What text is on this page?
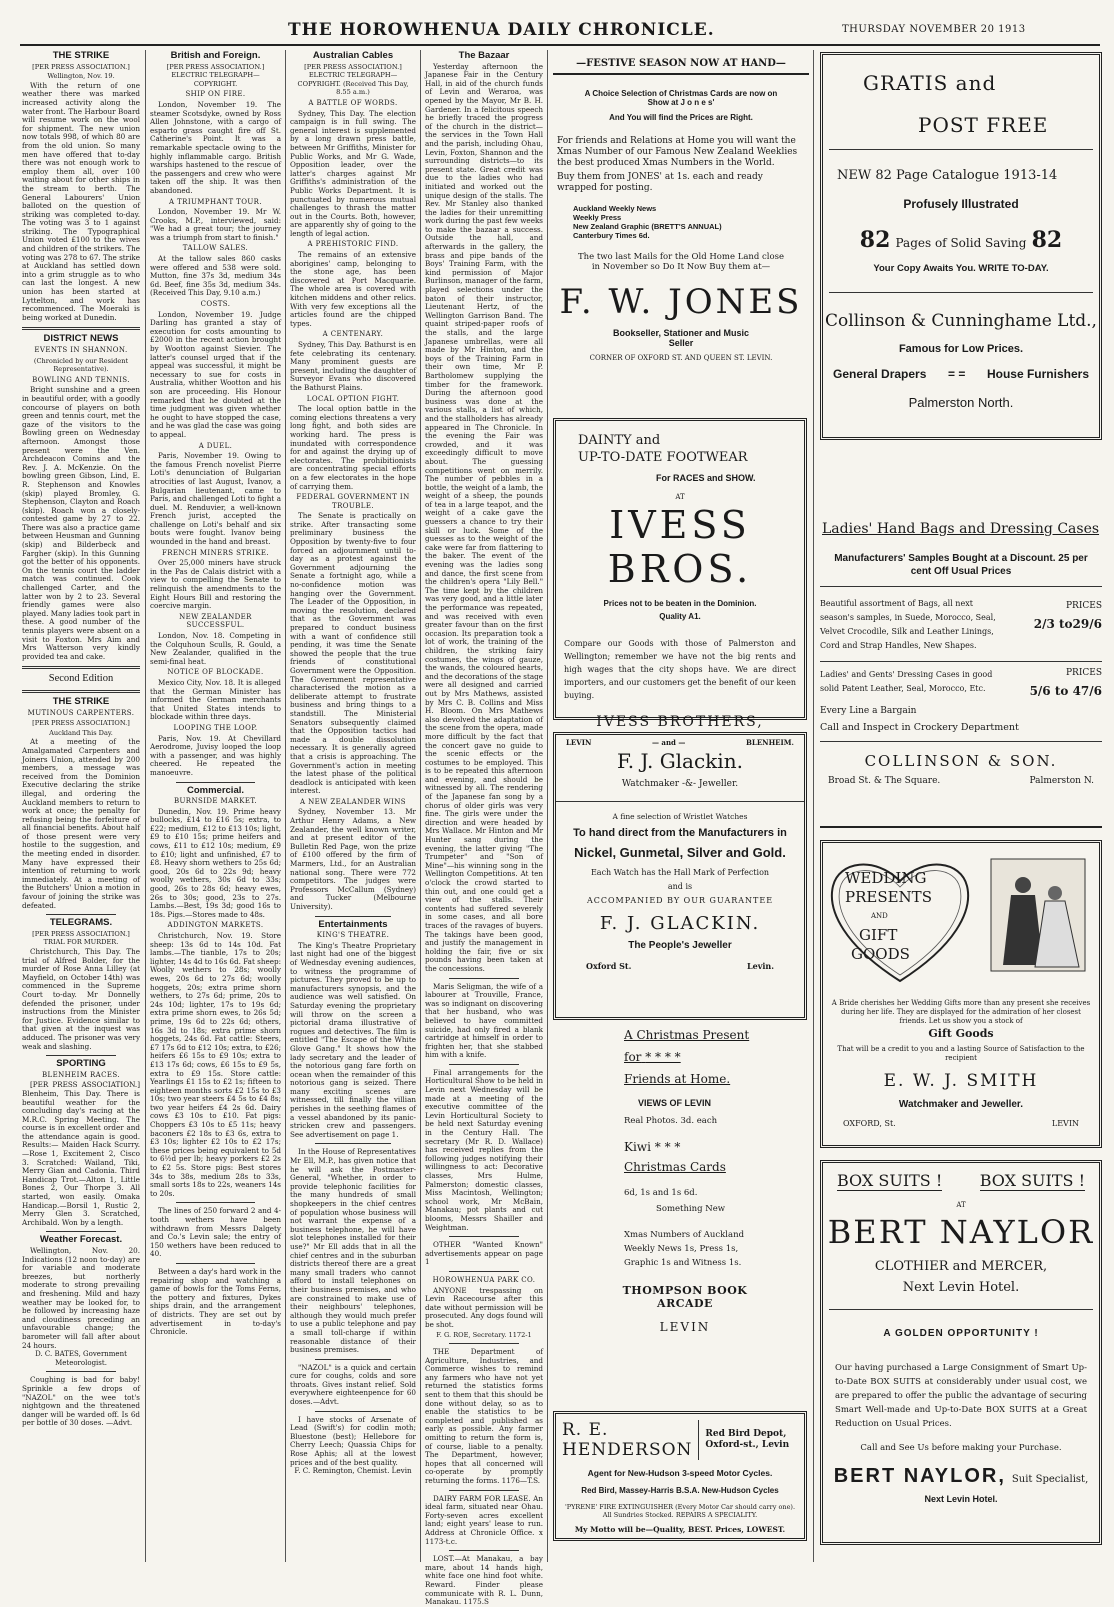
THE HOROWHENUA DAILY CHRONICLE.	THURSDAY NOVEMBER 20 1913
THE STRIKE
[PER PRESS ASSOCIATION.]
Wellington, Nov. 19.

With the return of one weather there was marked increased activity along the water front. The Harbour Board will resume work on the wool for shipment. The new union now totals 998, of which 80 are from the old union. So many men have offered that to-day there was not enough work to employ them all, over 100 waiting about for other ships in the stream to berth. The General Labourers' Union balloted on the question of striking was completed to-day. The voting was 3 to 1 against striking. The Typographical Union voted £100 to the wives and children of the strikers. The voting was 278 to 67. The strike at Auckland has settled down into a grim struggle as to who can last the longest. A new union has been started at Lyttelton, and work has recommenced. The Moeraki is being worked at Dunedin.

DISTRICT NEWS
EVENTS IN SHANNON.
(Chronicled by our Resident Representative).
BOWLING AND TENNIS.

Bright sunshine and a green in beautiful order, with a goodly concourse of players on both green and tennis court, met the gaze of the visitors to the Bowling green on Wednesday afternoon. Amongst those present were the Ven. Archdeacon Comins and the Rev. J. A. McKenzie. On the bowling green Gibson, Lind, E. R. Stephenson and Knowles (skip) played Bromley, G. Stephenson, Clayton and Roach (skip). Roach won a closely-contested game by 27 to 22. There was also a practice game between Heusman and Gunning (skip) and Bilderbeck and Fargher (skip). In this Gunning got the better of his opponents. On the tennis court the ladder match was continued. Cook challenged Carter, and the latter won by 2 to 23. Several friendly games were also played. Many ladies took part in these. A good number of the tennis players were absent on a visit to Foxton. Mrs Aim and Mrs Watterson very kindly provided tea and cake.

Second Edition
THE STRIKE
MUTINOUS CARPENTERS.
[PER PRESS ASSOCIATION.]
Auckland This Day.

At a meeting of the Amalgamated Carpenters and Joiners Union, attended by 200 members, a message was received from the Dominion Executive declaring the strike illegal, and ordering the Auckland members to return to work at once; the penalty for refusing being the forfeiture of all financial benefits. About half of those present were very hostile to the suggestion, and the meeting ended in disorder. Many have expressed their intention of returning to work immediately. At a meeting of the Butchers' Union a motion in favour of joining the strike was defeated.

TELEGRAMS.
[PER PRESS ASSOCIATION.] TRIAL FOR MURDER.

Christchurch, This Day. The trial of Alfred Bolder, for the murder of Rose Anna Lilley (at Mayfield, on October 14th) was commenced in the Supreme Court to-day. Mr Donnelly defended the prisoner, under instructions from the Minister for Justice. Evidence similar to that given at the inquest was adduced. The prisoner was very weak and slashing.

SPORTING
BLENHEIM RACES.

[PER PRESS ASSOCIATION.] Blenheim, This Day. There is beautiful weather for the concluding day's racing at the M.R.C. Spring Meeting. The course is in excellent order and the attendance again is good. Results:— Maiden Hack Scurry.—Rose 1, Excitement 2, Cisco 3. Scratched: Wailand, Tiki, Merry Gian and Cadonia. Third Handicap Trot.—Alton 1, Little Bones 2, Our Thorpe 3. All started, won easily. Omaka Handicap.—Borsil 1, Rustic 2, Merry Glen 3. Scratched, Archibald. Won by a length.

Weather Forecast.

Wellington, Nov. 20. Indications (12 noon to-day) are for variable and moderate breezes, but northerly moderate to strong prevailing and freshening. Mild and hazy weather may be looked for, to be followed by increasing haze and cloudiness preceding an unfavourable change; the barometer will fall after about 24 hours.

D. C. BATES, Government Meteorologist.

Coughing is bad for baby! Sprinkle a few drops of "NAZOL" on the wee tot's nightgown and the threatened danger will be warded off. Is 6d per bottle of 30 doses. —Advt.

British and Foreign.
[PER PRESS ASSOCIATION.] ELECTRIC TELEGRAPH—COPYRIGHT.
SHIP ON FIRE.

London, November 19. The steamer Scotsdyke, owned by Ross Allen Johnstone, with a cargo of esparto grass caught fire off St. Catherine's Point. It was a remarkable spectacle owing to the highly inflammable cargo. British warships hastened to the rescue of the passengers and crew who were taken off the ship. It was then abandoned.

A TRIUMPHANT TOUR.

London, November 19. Mr W. Crooks, M.P., interviewed, said: "We had a great tour; the journey was a triumph from start to finish."

TALLOW SALES.

At the tallow sales 860 casks were offered and 538 were sold. Mutton, fine 37s 3d, medium 34s 6d. Beef, fine 35s 3d, medium 34s. (Received This Day, 9.10 a.m.)

COSTS.

London, November 19. Judge Darling has granted a stay of execution for costs amounting to £2000 in the recent action brought by Wootton against Sievier. The latter's counsel urged that if the appeal was successful, it might be necessary to sue for costs in Australia, whither Wootton and his son are proceeding. His Honour remarked that he doubted at the time judgment was given whether he ought to have stopped the case, and he was glad the case was going to appeal.

A DUEL.

Paris, November 19. Owing to the famous French novelist Pierre Loti's denunciation of Bulgarian atrocities of last August, Ivanov, a Bulgarian lieutenant, came to Paris, and challenged Loti to fight a duel. M. Renduvier, a well-known French jurist, accepted the challenge on Loti's behalf and six bouts were fought. Ivanov being wounded in the hand and breast.

FRENCH MINERS STRIKE.

Over 25,000 miners have struck in the Pas de Calais district with a view to compelling the Senate to relinquish the amendments to the Eight Hours Bill and restoring the coercive margin.

NEW ZEALANDER SUCCESSFUL.

London, Nov. 18. Competing in the Colquhoun Sculls, R. Gould, a New Zealander, qualified in the semi-final heat.

NOTICE OF BLOCKADE.

Mexico City, Nov. 18. It is alleged that the German Minister has informed the German merchants that United States intends to blockade within three days.

LOOPING THE LOOP.

Paris, Nov. 19. At Chevillard Aerodrome, Juvisy looped the loop with a passenger, and was highly cheered. He repeated the manoeuvre.

Commercial.
BURNSIDE MARKET.

Dunedin, Nov. 19. Prime heavy bullocks, £14 to £16 5s; extra, to £22; medium, £12 to £13 10s; light, £9 to £10 15s; prime heifers and cows, £11 to £12 10s; medium, £9 to £10; light and unfinished, £7 to £8. Heavy shorn wethers to 25s 6d; good, 20s 6d to 22s 9d; heavy woolly wethers, 30s 6d to 33s; good, 26s to 28s 6d; heavy ewes, 26s to 30s; good, 23s to 27s. Lambs.—Best, 19s 3d; good 16s to 18s. Pigs.—Stores made to 48s.

ADDINGTON MARKETS.

Christchurch, Nov. 19. Store sheep: 13s 6d to 14s 10d. Fat lambs.—The tianble, 17s to 20s; lighter, 14s 4d to 16s 6d. Fat sheep: Woolly wethers to 28s; woolly ewes, 20s 6d to 27s 6d; woolly hoggets, 20s; extra prime shorn wethers, to 27s 6d; prime, 20s to 24s 10d; lighter, 17s to 19s 6d; extra prime shorn ewes, to 26s 5d; prime, 19s 6d to 22s 6d; others, 16s 3d to 18s; extra prime shorn hoggets, 24s 6d. Fat cattle: Steers, £7 17s 6d to £12 10s; extra, to £26; heifers £6 15s to £9 10s; extra to £13 17s 6d; cows, £6 15s to £9 5s, extra to £9 15s. Store cattle: Yearlings £1 15s to £2 1s; fifteen to eighteen months sorts £2 15s to £3 10s; two year steers £4 5s to £4 8s; two year heifers £4 2s 6d. Dairy cows £3 10s to £10. Fat pigs: Choppers £3 10s to £5 11s; heavy baconers £2 18s to £3 6s, extra to £3 10s; lighter £2 10s to £2 17s; these prices being equivalent to 5d to 6½d per lb; heavy porkers £2 2s to £2 5s. Store pigs: Best stores 34s to 38s, medium 28s to 33s, small sorts 18s to 22s, weaners 14s to 20s.

The lines of 250 forward 2 and 4-tooth wethers have been withdrawn from Messrs Dalgety and Co.'s Levin sale; the entry of 150 wethers have been reduced to 40.

Between a day's hard work in the repairing shop and watching a game of bowls for the Toms Ferns, the pottery and fixtures, Dykes ships drain, and the arrangement of districts. They are set out by advertisement in to-day's Chronicle.

Australian Cables
[PER PRESS ASSOCIATION.] ELECTRIC TELEGRAPH—COPYRIGHT. (Received This Day, 8.55 a.m.)
A BATTLE OF WORDS.

Sydney, This Day. The election campaign is in full swing. The general interest is supplemented by a long drawn press battle, between Mr Griffiths, Minister for Public Works, and Mr G. Wade, Opposition leader, over the latter's charges against Mr Griffiths's administration of the Public Works Department. It is punctuated by numerous mutual challenges to thrash the matter out in the Courts. Both, however, are apparently shy of going to the length of legal action.

A PREHISTORIC FIND.

The remains of an extensive aborigines' camp, belonging to the stone age, has been discovered at Port Macquarie. The whole area is covered with kitchen middens and other relics. With very few exceptions all the articles found are the chipped types.

A CENTENARY.

Sydney, This Day. Bathurst is en fete celebrating its centenary. Many prominent guests are present, including the daughter of Surveyor Evans who discovered the Bathurst Plains.

LOCAL OPTION FIGHT.

The local option battle in the coming elections threatens a very long fight, and both sides are working hard. The press is inundated with correspondence for and against the drying up of electorates. The prohibitionists are concentrating special efforts on a few electorates in the hope of carrying them.

FEDERAL GOVERNMENT IN TROUBLE.

The Senate is practically on strike. After transacting some preliminary business the Opposition by twenty-five to four forced an adjournment until to-day as a protest against the Government adjourning the Senate a fortnight ago, while a no-confidence motion was hanging over the Government. The Leader of the Opposition, in moving the resolution, declared that as the Government was prepared to conduct business with a want of confidence still pending, it was time the Senate showed the people that the true friends of constitutional Government were the Opposition. The Government representative characterised the motion as a deliberate attempt to frustrate business and bring things to a standstill. The Ministerial Senators subsequently claimed that the Opposition tactics had made a double dissolution necessary. It is generally agreed that a crisis is approaching. The Government's action in meeting the latest phase of the political deadlock is anticipated with keen interest.

A NEW ZEALANDER WINS

Sydney, November 13. Mr Arthur Henry Adams, a New Zealander, the well known writer, and at present editor of the Bulletin Red Page, won the prize of £100 offered by the firm of Marmers, Ltd., for an Australian national song. There were 772 competitors. The judges were Professors McCallum (Sydney) and Tucker (Melbourne University).

Entertainments
KING'S THEATRE.

The King's Theatre Proprietary last night had one of the biggest of Wednesday evening audiences, to witness the programme of pictures. They proved to be up to manufacturers synopsis, and the audience was well satisfied. On Saturday evening the proprietary will throw on the screen a pictorial drama illustrative of rogues and detectives. The film is entitled "The Escape of the White Glove Gang." It shows how the lady secretary and the leader of the notorious gang fare forth on ocean when the remainder of this notorious gang is seized. There many exciting scenes are witnessed, till finally the villian perishes in the seething flames of a vessel abandoned by its panic-stricken crew and passengers. See advertisement on page 1.

In the House of Representatives Mr Ell, M.P., has given notice that he will ask the Postmaster-General, "Whether, in order to provide telephonic facilities for the many hundreds of small shopkeepers in the chief centres of population whose business will not warrant the expense of a business telephone, he will have slot telephones installed for their use?" Mr Ell adds that in all the chief centres and in the suburban districts thereof there are a great many small traders who cannot afford to install telephones on their business premises, and who are constrained to make use of their neighbours' telephones, although they would much prefer to use a public telephone and pay a small toll-charge if within reasonable distance of their business premises.

"NAZOL" is a quick and certain cure for coughs, colds and sore throats. Gives instant relief. Sold everywhere eighteenpence for 60 doses.—Advt.

I have stocks of Arsenate of Lead (Swift's) for codlin moth; Bluestone (best); Hellebore for Cherry Leech; Quassia Chips for Rose Aphis; all at the lowest prices and of the best quality.

F. C. Remington, Chemist. Levin
The Bazaar

Yesterday afternoon the Japanese Fair in the Century Hall, in aid of the church funds of Levin and Weraroa, was opened by the Mayor, Mr B. H. Gardener. In a felicitous speech he briefly traced the progress of the church in the district—the services in the Town Hall and the parish, including Ohau, Levin, Foxton, Shannon and the surrounding districts—to its present state. Great credit was due to the ladies who had initiated and worked out the unique design of the stalls. The Rev. Mr Stanley also thanked the ladies for their unremitting work during the past few weeks to make the bazaar a success. Outside the hall, and afterwards in the gallery, the brass and pipe bands of the Boys' Training Farm, with the kind permission of Major Burlinson, manager of the farm, played selections under the baton of their instructor, Lieutenant Hertz, of the Wellington Garrison Band. The quaint striped-paper roofs of the stalls, and the large Japanese umbrellas, were all made by Mr Hinton, and the boys of the Training Farm in their own time, Mr P. Bartholomew supplying the timber for the framework. During the afternoon good business was done at the various stalls, a list of which, and the stallholders has already appeared in The Chronicle. In the evening the Fair was crowded, and it was exceedingly difficult to move about. The guessing competitions went on merrily. The number of pebbles in a bottle, the weight of a lamb, the weight of a sheep, the pounds of tea in a large teapot, and the weight of a cake gave the guessers a chance to try their skill or luck. Some of the guesses as to the weight of the cake were far from flattering to the baker. The event of the evening was the ladies song and dance, the first scene from the children's opera "Lily Bell." The time kept by the children was very good, and a little later the performance was repeated, and was received with even greater favour than on the first occasion. Its preparation took a lot of work, the training of the children, the striking fairy costumes, the wings of gauze, the wands, the coloured hearts, and the decorations of the stage were all designed and carried out by Mrs Mathews, assisted by Mrs C. B. Collins and Miss H. Bloom. On Mrs Mathews also devolved the adaptation of the scene from the opera, made more difficult by the fact that the concert gave no guide to the scenic effects or the costumes to be employed. This is to be repeated this afternoon and evening, and should be witnessed by all. The rendering of the Japanese fan song by a chorus of older girls was very fine. The girls were under the direction and were headed by Mrs Wallace. Mr Hinton and Mr Hunter sang during the evening, the latter giving "The Trumpeter" and "Son of Mine"—his winning song in the Wellington Competitions. At ten o'clock the crowd started to thin out, and one could get a view of the stalls. Their contents had suffered severely in some cases, and all bore traces of the ravages of buyers. The takings have been good, and justify the management in holding the fair, five or six pounds having been taken at the concessions.

Maris Seligman, the wife of a labourer at Trouville, France, was so indignant on discovering that her husband, who was believed to have committed suicide, had only fired a blank cartridge at himself in order to frighten her, that she stabbed him with a knife.

Final arrangements for the Horticultural Show to be held in Levin next Wednesday will be made at a meeting of the executive committee of the Levin Horticultural Society to be held next Saturday evening in the Century Hall. The secretary (Mr R. D. Wallace) has received replies from the following judges notifying their willingness to act: Decorative classes, Mrs Hulme, Palmerston; domestic classes, Miss Macintosh, Wellington; school work, Mr McBain, Manakau; pot plants and cut blooms, Messrs Shailler and Weightman.

OTHER "Wanted Known" advertisements appear on page 1

HOROWHENUA PARK CO.

ANYONE trespassing on Levin Racecourse after this date without permission will be prosecuted. Any dogs found will be shot.

F. G. ROE, Secretary. 1172-1

THE Department of Agriculture, Industries, and Commerce wishes to remind any farmers who have not yet returned the statistics forms sent to them that this should be done without delay, so as to enable the statistics to be completed and published as early as possible. Any farmer omitting to return the form is, of course, liable to a penalty. The Department, however, hopes that all concerned will co-operate by promptly returning the forms. 1176—T.S.

DAIRY FARM FOR LEASE. An ideal farm, situated near Ohau. Forty-seven acres excellent land; eight years' lease to run. Address at Chronicle Office. x 1173-t.c.

LOST.—At Manakau, a bay mare, about 14 hands high, white face one hind foot white. Reward. Finder please communicate with R. L. Dunn, Manakau. 1175.S

—FESTIVE SEASON NOW AT HAND—
A Choice Selection of Christmas Cards are now on Show at J o n e s'
And You will find the Prices are Right.
For friends and Relations at Home you will want the Xmas Number of our Famous New Zealand Weeklies the best produced Xmas Numbers in the World.
Buy them from JONES' at 1s. each and ready wrapped for posting.
Auckland Weekly News
Weekly Press
New Zealand Graphic (BRETT'S ANNUAL)
Canterbury Times 6d.
The two last Mails for the Old Home Land close in November so Do It Now Buy them at—
F. W. JONES
Bookseller, Stationer and Music Seller
CORNER OF OXFORD ST. AND QUEEN ST. LEVIN.
DAINTY and
UP-TO-DATE FOOTWEAR
For RACES and SHOW.
AT
IVESS BROS.
Prices not to be beaten in the Dominion.
Quality A1.
Compare our Goods with those of Palmerston and Wellington; remember we have not the big rents and high wages that the city shops have. We are direct importers, and our customers get the benefit of our keen buying.
IVESS BROTHERS,
LEVIN	— and —	BLENHEIM.
F. J. Glackin.
Watchmaker -&- Jeweller.
A fine selection of Wristlet Watches
To hand direct from the Manufacturers in
Nickel, Gunmetal, Silver and Gold.
Each Watch has the Hall Mark of Perfection
and is
ACCOMPANIED BY OUR GUARANTEE
F. J. GLACKIN.
The People's Jeweller
Oxford St.	Levin.
A Christmas Present
for * * * *
Friends at Home.
VIEWS OF LEVIN
Real Photos. 3d. each
Kiwi * * *
Christmas Cards
6d, 1s and 1s 6d.
Something New
Xmas Numbers of Auckland Weekly News 1s, Press 1s, Graphic 1s and Witness 1s.
THOMPSON BOOK ARCADE
LEVIN
R. E. HENDERSON
Red Bird Depot, Oxford-st., Levin
Agent for New-Hudson 3-speed Motor Cycles.
Red Bird, Massey-Harris B.S.A. New-Hudson Cycles
'PYRENE' FIRE EXTINGUISHER (Every Motor Car should carry one). All Sundries Stocked. REPAIRS A SPECIALITY.
My Motto will be—Quality, BEST. Prices, LOWEST.
GRATIS and
POST FREE
NEW 82 Page Catalogue 1913-14
Profusely Illustrated
82 Pages of Solid Saving 82
Your Copy Awaits You. WRITE TO-DAY.
Collinson & Cunninghame Ltd.,
Famous for Low Prices.
General Drapers = = House Furnishers
Palmerston North.
Ladies' Hand Bags and Dressing Cases
Manufacturers' Samples Bought at a Discount. 25 per cent Off Usual Prices
Beautiful assortment of Bags, all next season's samples, in Suede, Morocco, Seal, Velvet Crocodile, Silk and Leather Linings, Cord and Strap Handles, New Shapes.
PRICES
2/3 to29/6
Ladies' and Gents' Dressing Cases in good solid Patent Leather, Seal, Morocco, Etc.
PRICES
5/6 to 47/6
Every Line a Bargain
Call and Inspect in Crockery Department
COLLINSON & SON.
Broad St. & The Square.	Palmerston N.
WEDDING
PRESENTS
AND
GIFT
GOODS
A Bride cherishes her Wedding Gifts more than any present she receives during her life. They are displayed for the admiration of her closest friends. Let us show you a stock of
Gift Goods
That will be a credit to you and a lasting Source of Satisfaction to the recipient
E. W. J. SMITH
Watchmaker and Jeweller.
OXFORD, St.	LEVIN
BOX SUITS ! BOX SUITS !
AT
BERT NAYLOR
CLOTHIER and MERCER,
Next Levin Hotel.
A GOLDEN OPPORTUNITY !
Our having purchased a Large Consignment of Smart Up-to-Date BOX SUITS at considerably under usual cost, we are prepared to offer the public the advantage of securing Smart Well-made and Up-to-Date BOX SUITS at a Great Reduction on Usual Prices.
Call and See Us before making your Purchase.
BERT NAYLOR, Suit Specialist,
Next Levin Hotel.
